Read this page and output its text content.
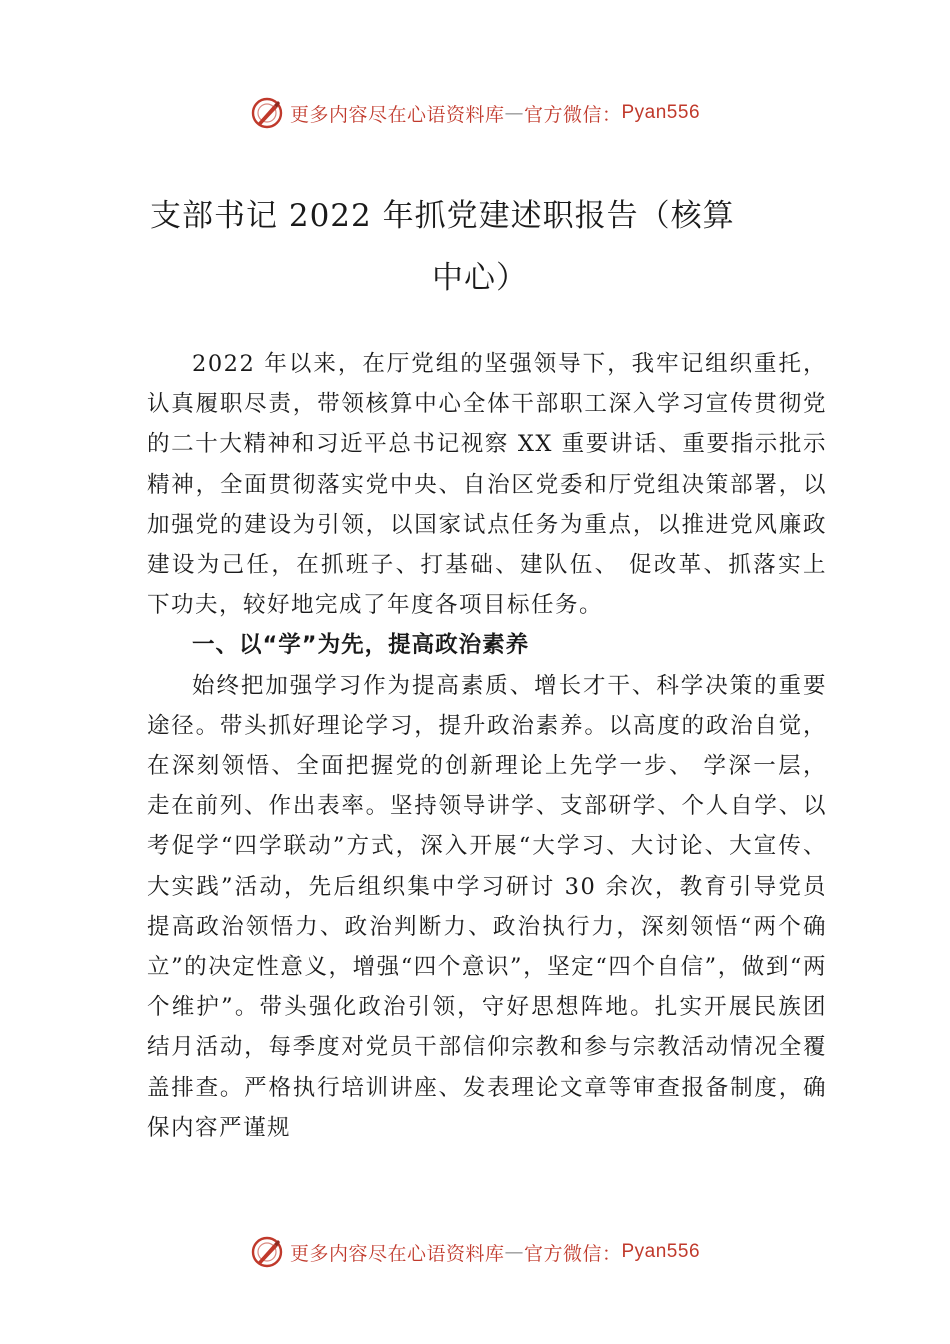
更多内容尽在心语资料库 — 官方微信： Pyan556
支部书记 2022 年抓党建述职报告（核算
中心）

2022 年以来，在厅党组的坚强领导下，我牢记组织重托，认真履职尽责，带领核算中心全体干部职工深入学习宣传贯彻党的二十大精神和习近平总书记视察 XX 重要讲话、重要指示批示精神，全面贯彻落实党中央、自治区党委和厅党组决策部署，以加强党的建设为引领，以国家试点任务为重点，以推进党风廉政建设为己任，在抓班子、打基础、建队伍、 促改革、抓落实上下功夫，较好地完成了年度各项目标任务。

一、以“学”为先，提高政治素养

始终把加强学习作为提高素质、增长才干、科学决策的重要途径。带头抓好理论学习，提升政治素养。以高度的政治自觉，在深刻领悟、全面把握党的创新理论上先学一步、 学深一层，走在前列、作出表率。坚持领导讲学、支部研学、个人自学、以考促学“四学联动”方式，深入开展“大学习、大讨论、大宣传、大实践”活动，先后组织集中学习研讨 30 余次，教育引导党员提高政治领悟力、政治判断力、政治执行力，深刻领悟“两个确立”的决定性意义，增强“四个意识”，坚定“四个自信”，做到“两个维护”。带头强化政治引领，守好思想阵地。扎实开展民族团结月活动，每季度对党员干部信仰宗教和参与宗教活动情况全覆盖排查。严格执行培训讲座、发表理论文章等审查报备制度，确保内容严谨规

更多内容尽在心语资料库 — 官方微信： Pyan556
